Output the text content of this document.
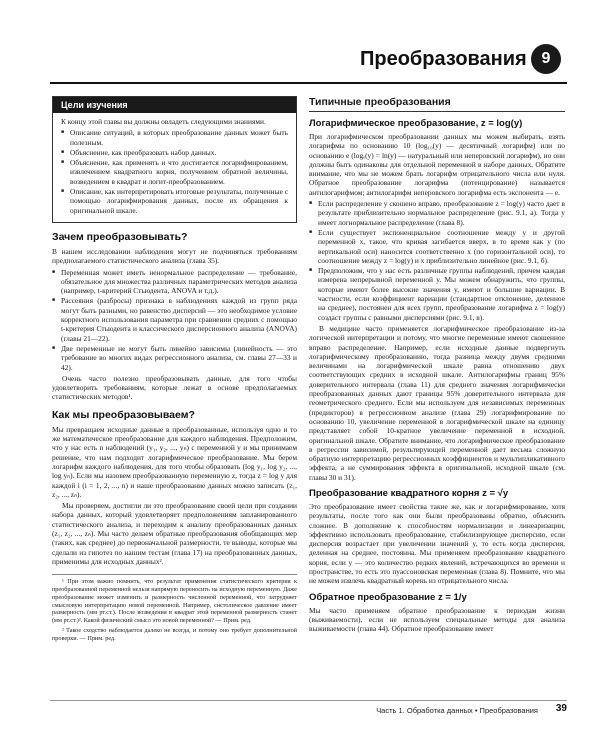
Преобразования 9
Цели изучения

К концу этой главы вы должны овладеть следующими знаниями.

■ Описание ситуаций, в которых преобразование данных может быть полезным.
■ Объяснение, как преобразовать набор данных.
■ Объяснение, как применять и что достигается логарифмированием, извлечением квадратного корня, получением обратной величины, возведением в квадрат и логит-преобразованием.
■ Описание, как интерпретировать итоговые результаты, полученные с помощью логарифмирования данных, после их обращения к оригинальной шкале.
Зачем преобразовывать?

В нашем исследовании наблюдения могут не подчиняться требованиям предполагаемого статистического анализа (глава 35).

■ Переменная может иметь ненормальное распределение — требование, обязательное для множества различных параметрических методов анализа (например, t-критерий Стьюдента, ANOVA и т.д.).
■ Рассеяния (разбросы) признака в наблюдениях каждой из групп ряда могут быть разными, но равенство дисперсий — это необходимое условие корректного использования параметра при сравнении средних с помощью t-критерия Стьюдента и классического дисперсионного анализа (ANOVA) (главы 21—22).
■ Две переменные не могут быть линейно зависимы (линейность — это требование во многих видах регрессионного анализа, см. главы 27—33 и 42).

Очень часто полезно преобразовывать данные, для того чтобы удовлетворить требованиям, которые лежат в основе предполагаемых статистических методов¹.

Как мы преобразовываем?

Мы превращаем исходные данные в преобразованные, используя одно и то же математическое преобразование для каждого наблюдения. Предположим, что у нас есть n наблюдений (y₁, y₂, ..., yₙ) с переменной y и мы принимаем решение, что нам подходит логарифмическое преобразование. Мы берем логарифм каждого наблюдения, для того чтобы образовать (log y₁, log y₂, ..., log yₙ). Если мы назовем преобразованную переменную z, тогда z = log y для каждой i (i = 1, 2, ..., n) и наше преобразование данных можно записать (z₁, z₂, ..., zₙ).

Мы проверяем, достигли ли это преобразование своей цели при создании набора данных, который удовлетворяет предположениям запланированного статистического анализа, и переходим к анализу преобразованных данных (z₁, z₂, ..., zₙ). Мы часто делаем обратные преобразования обобщающих мер (таких, как среднее) до первоначальной размерности, те выводы, которые мы сделали из гипотез по нашим тестам (глава 17) на преобразованных данных, применимы для исходных данных².

¹ При этом важно помнить, что результат применения статистического критерия к преобразованной переменной нельзя напрямую переносить на исходную переменную. Даже преобразование может изменить и размерность численной переменной, что затрудняет смысловую интерпретацию новой переменной. Например, систолическое давление имеет размерность (мм рт.ст.). После возведения в квадрат этой переменной размерность станет (мм рт.ст.)². Какой физический смысл это новой переменной? — Прим. ред.

² Такое сходство наблюдается далеко не всегда, и потому оно требует дополнительной проверки. — Прим. ред.

Типичные преобразования
Логарифмическое преобразование, z = log(y)

При логарифмическом преобразовании данных мы можем выбирать, взять логарифмы по основанию 10 (log₁₀(y) — десятичный логарифм) или по основанию e (logₑ(y) = ln(y) — натуральный или неперовский логарифм), но они должны быть одинаковы для отдельной переменной в наборе данных. Обратите внимание, что мы не можем брать логарифм отрицательного числа или нуля. Обратное преобразование логарифма (потенцирование) называется антилогарифмом; антилогарифм неперовского логарифма есть экспонента — e.

■ Если распределение у скошено вправо, преобразование z = log(y) часто дает в результате приблизительно нормальное распределение (рис. 9.1, а). Тогда у имеет логнормальное распределение (глава 8).
■ Если существует экспоненциальное соотношение между y и другой переменной x, такое, что кривая загибается вверх, в то время как у (по вертикальной оси) наносится соответственно х (по горизонтальной оси), то соотношение между z = log(y) и x приблизительно линейное (рис. 9.1, б).
■ Предположим, что у нас есть различные группы наблюдений, причем каждая измерена непрерывной переменной y. Мы можем обнаружить, что группы, которые имеют более высокие значения y, имеют и большие вариации. В частности, если коэффициент вариации (стандартное отклонение, деленное на среднее), постоянен для всех групп, преобразование логарифма z = log(y) создаст группы с равными дисперсиями (рис. 9.1, в).

В медицине часто применяется логарифмическое преобразование из-за логической интерпретации и потому, что многие переменные имеют скошенное вправо распределение. Например, если исходные данные подвергнуть логарифмическому преобразованию, тогда разница между двумя средними величинами на логарифмической шкале равна отношению двух соответствующих средних в исходной шкале. Антилогарифмы границ 95% доверительного интервала (глава 11) для среднего значения логарифмически преобразованных данных дают границы 95% доверительного интервала для геометрического среднего. Если мы используем для независимых переменных (предикторов) в регрессионном анализе (глава 29) логарифмирование по основанию 10, увеличение переменной в логарифмической шкале на единицу представляет собой 10-кратное увеличение переменной в исходной, оригинальной шкале. Обратите внимание, что логарифмическое преобразование в регрессии зависимой, результирующей переменной дает весьма сложную обратную интерпретацию регрессионных коэффициентов и мультипликативного эффекта, а не суммирования эффекта в оригинальной, исходной шкале (см. главы 30 и 31).

Преобразование квадратного корня z = √y

Это преобразование имеет свойства такие же, как и логарифмирование, хотя результаты, после того как они были преобразованы обратно, объяснить сложнее. В дополнение к способностям нормализации и линеаризации, эффективно использовать преобразование, стабилизирующее дисперсию, если дисперсия возрастает при увеличении значений y, то есть когда дисперсия, деленная на среднее, постоянна. Мы применяем преобразование квадратного корня, если y — это количество редких явлений, встречающихся во времени и пространстве, то есть это пуассоновская переменная (глава 8). Помните, что мы не можем извлечь квадратный корень из отрицательного числа.

Обратное преобразование z = 1/y

Мы часто применяем обратное преобразование к периодам жизни (выживаемости), если не используем специальные методы для анализа выживаемости (глава 44). Обратное преобразование имеет

Часть 1. Обработка данных • Преобразования 39
